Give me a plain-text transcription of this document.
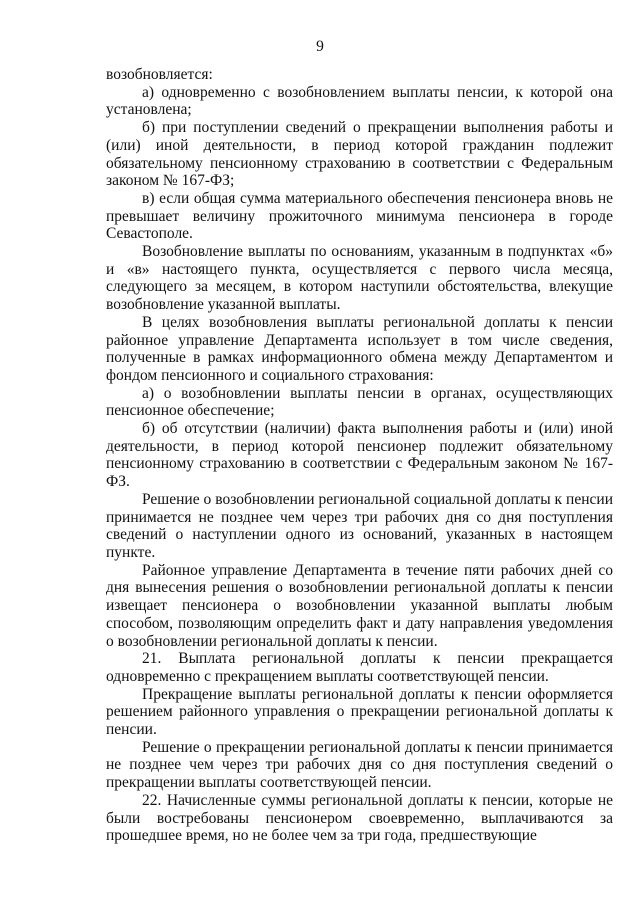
9

возобновляется:

а) одновременно с возобновлением выплаты пенсии, к которой она установлена;

б) при поступлении сведений о прекращении выполнения работы и (или) иной деятельности, в период которой гражданин подлежит обязательному пенсионному страхованию в соответствии с Федеральным законом № 167-ФЗ;

в) если общая сумма материального обеспечения пенсионера вновь не превышает величину прожиточного минимума пенсионера в городе Севастополе.

Возобновление выплаты по основаниям, указанным в подпунктах «б» и «в» настоящего пункта, осуществляется с первого числа месяца, следующего за месяцем, в котором наступили обстоятельства, влекущие возобновление указанной выплаты.

В целях возобновления выплаты региональной доплаты к пенсии районное управление Департамента использует в том числе сведения, полученные в рамках информационного обмена между Департаментом и фондом пенсионного и социального страхования:

а) о возобновлении выплаты пенсии в органах, осуществляющих пенсионное обеспечение;

б) об отсутствии (наличии) факта выполнения работы и (или) иной деятельности, в период которой пенсионер подлежит обязательному пенсионному страхованию в соответствии с Федеральным законом № 167-ФЗ.

Решение о возобновлении региональной социальной доплаты к пенсии принимается не позднее чем через три рабочих дня со дня поступления сведений о наступлении одного из оснований, указанных в настоящем пункте.

Районное управление Департамента в течение пяти рабочих дней со дня вынесения решения о возобновлении региональной доплаты к пенсии извещает пенсионера о возобновлении указанной выплаты любым способом, позволяющим определить факт и дату направления уведомления о возобновлении региональной доплаты к пенсии.

21. Выплата региональной доплаты к пенсии прекращается одновременно с прекращением выплаты соответствующей пенсии.

Прекращение выплаты региональной доплаты к пенсии оформляется решением районного управления о прекращении региональной доплаты к пенсии.

Решение о прекращении региональной доплаты к пенсии принимается не позднее чем через три рабочих дня со дня поступления сведений о прекращении выплаты соответствующей пенсии.

22. Начисленные суммы региональной доплаты к пенсии, которые не были востребованы пенсионером своевременно, выплачиваются за прошедшее время, но не более чем за три года, предшествующие
